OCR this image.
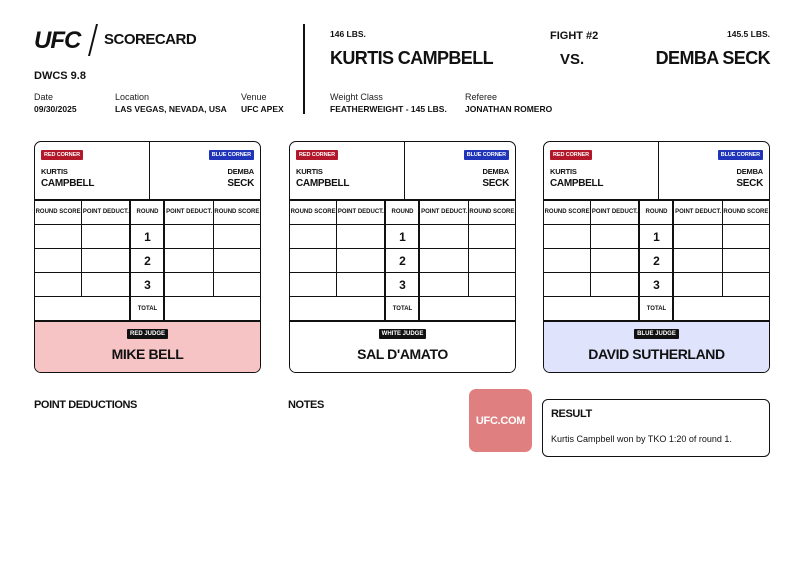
UFC SCORECARD
DWCS 9.8
Date
09/30/2025
Location
LAS VEGAS, NEVADA, USA
Venue
UFC APEX
146 LBS.
KURTIS CAMPBELL
FIGHT #2
VS.
145.5 LBS.
DEMBA SECK
Weight Class
FEATHERWEIGHT - 145 LBS.
Referee
JONATHAN ROMERO
RED CORNER
KURTIS
CAMPBELL
BLUE CORNER
DEMBA
SECK
ROUND SCORE	POINT DEDUCT.	ROUND	POINT DEDUCT.	ROUND SCORE
		1		
		2		
		3		
		TOTAL		
RED JUDGE
MIKE BELL
RED CORNER
KURTIS
CAMPBELL
BLUE CORNER
DEMBA
SECK
ROUND SCORE	POINT DEDUCT.	ROUND	POINT DEDUCT.	ROUND SCORE
		1		
		2		
		3		
		TOTAL		
WHITE JUDGE
SAL D'AMATO
RED CORNER
KURTIS
CAMPBELL
BLUE CORNER
DEMBA
SECK
ROUND SCORE	POINT DEDUCT.	ROUND	POINT DEDUCT.	ROUND SCORE
		1		
		2		
		3		
		TOTAL		
BLUE JUDGE
DAVID SUTHERLAND
POINT DEDUCTIONS	NOTES
UFC.COM
RESULT
Kurtis Campbell won by TKO 1:20 of round 1.
